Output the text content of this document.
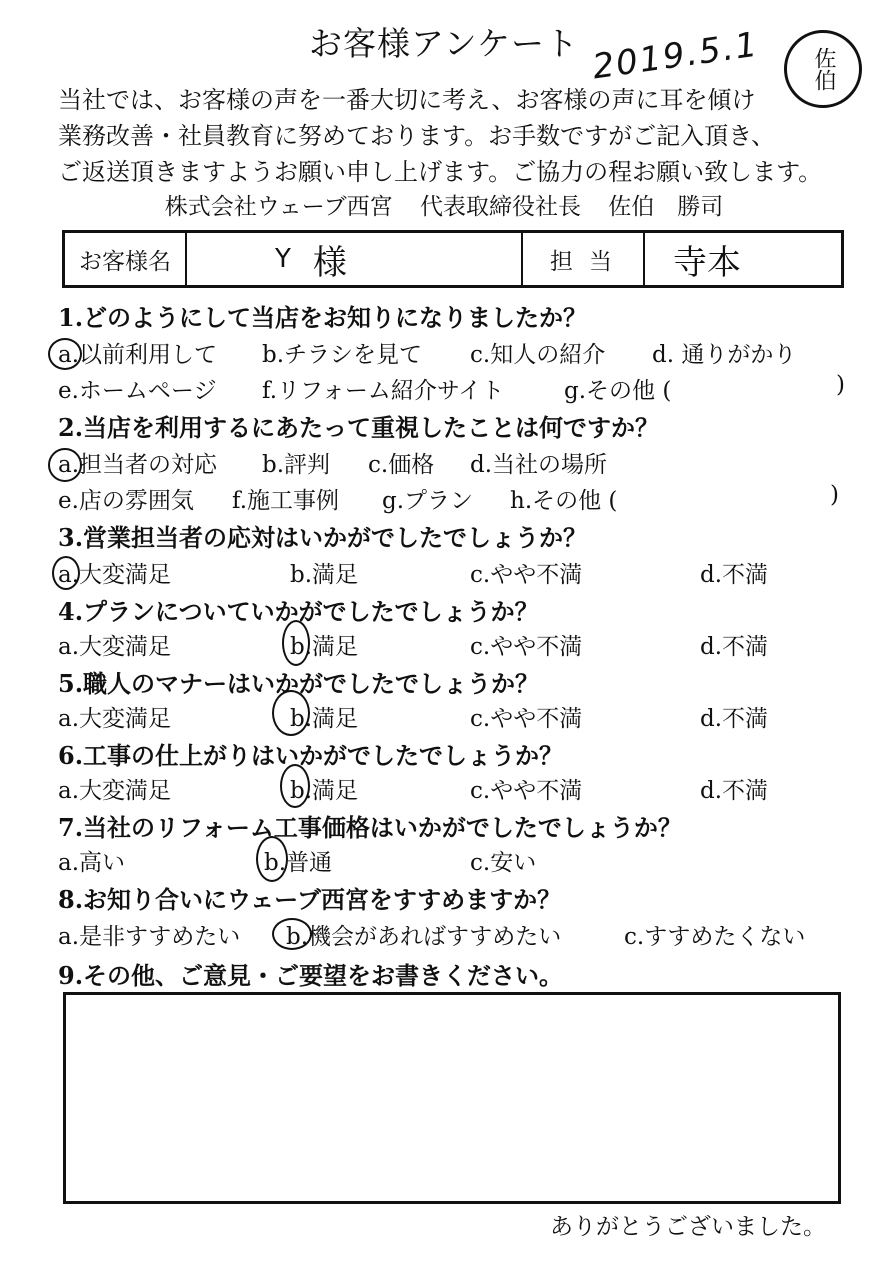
お客様アンケート 2019.5.1	佐伯
当社では、お客様の声を一番大切に考え、お客様の声に耳を傾け
業務改善・社員教育に努めております。お手数ですがご記入頂き、
ご返送頂きますようお願い申し上げます。ご協力の程お願い致します。
株式会社ウェーブ西宮 代表取締役社長 佐伯　勝司
お客様名	Y 様	担当	寺本
1.どのようにして当店をお知りになりましたか？
a.以前利用して b.チラシを見て c.知人の紹介 d. 通りがかり
e.ホームページ f.リフォーム紹介サイト	g.その他 (	)
2.当店を利用するにあたって重視したことは何ですか？
a.担当者の対応 b.評判 c.価格 d.当社の場所
e.店の雰囲気 f.施工事例 g.プラン h.その他 (	)
3.営業担当者の応対はいかがでしたでしょうか？
a.大変満足	b.満足	c.やや不満	d.不満
4.プランについていかがでしたでしょうか？
a.大変満足	b.満足	c.やや不満	d.不満
5.職人のマナーはいかがでしたでしょうか？
a.大変満足	b.満足	c.やや不満	d.不満
6.工事の仕上がりはいかがでしたでしょうか？
a.大変満足	b.満足	c.やや不満	d.不満
7.当社のリフォーム工事価格はいかがでしたでしょうか？
a.高い	b.普通	c.安い
8.お知り合いにウェーブ西宮をすすめますか？
a.是非すすめたい b.機会があればすすめたい	c.すすめたくない
9.その他、ご意見・ご要望をお書きください。
ありがとうございました。
